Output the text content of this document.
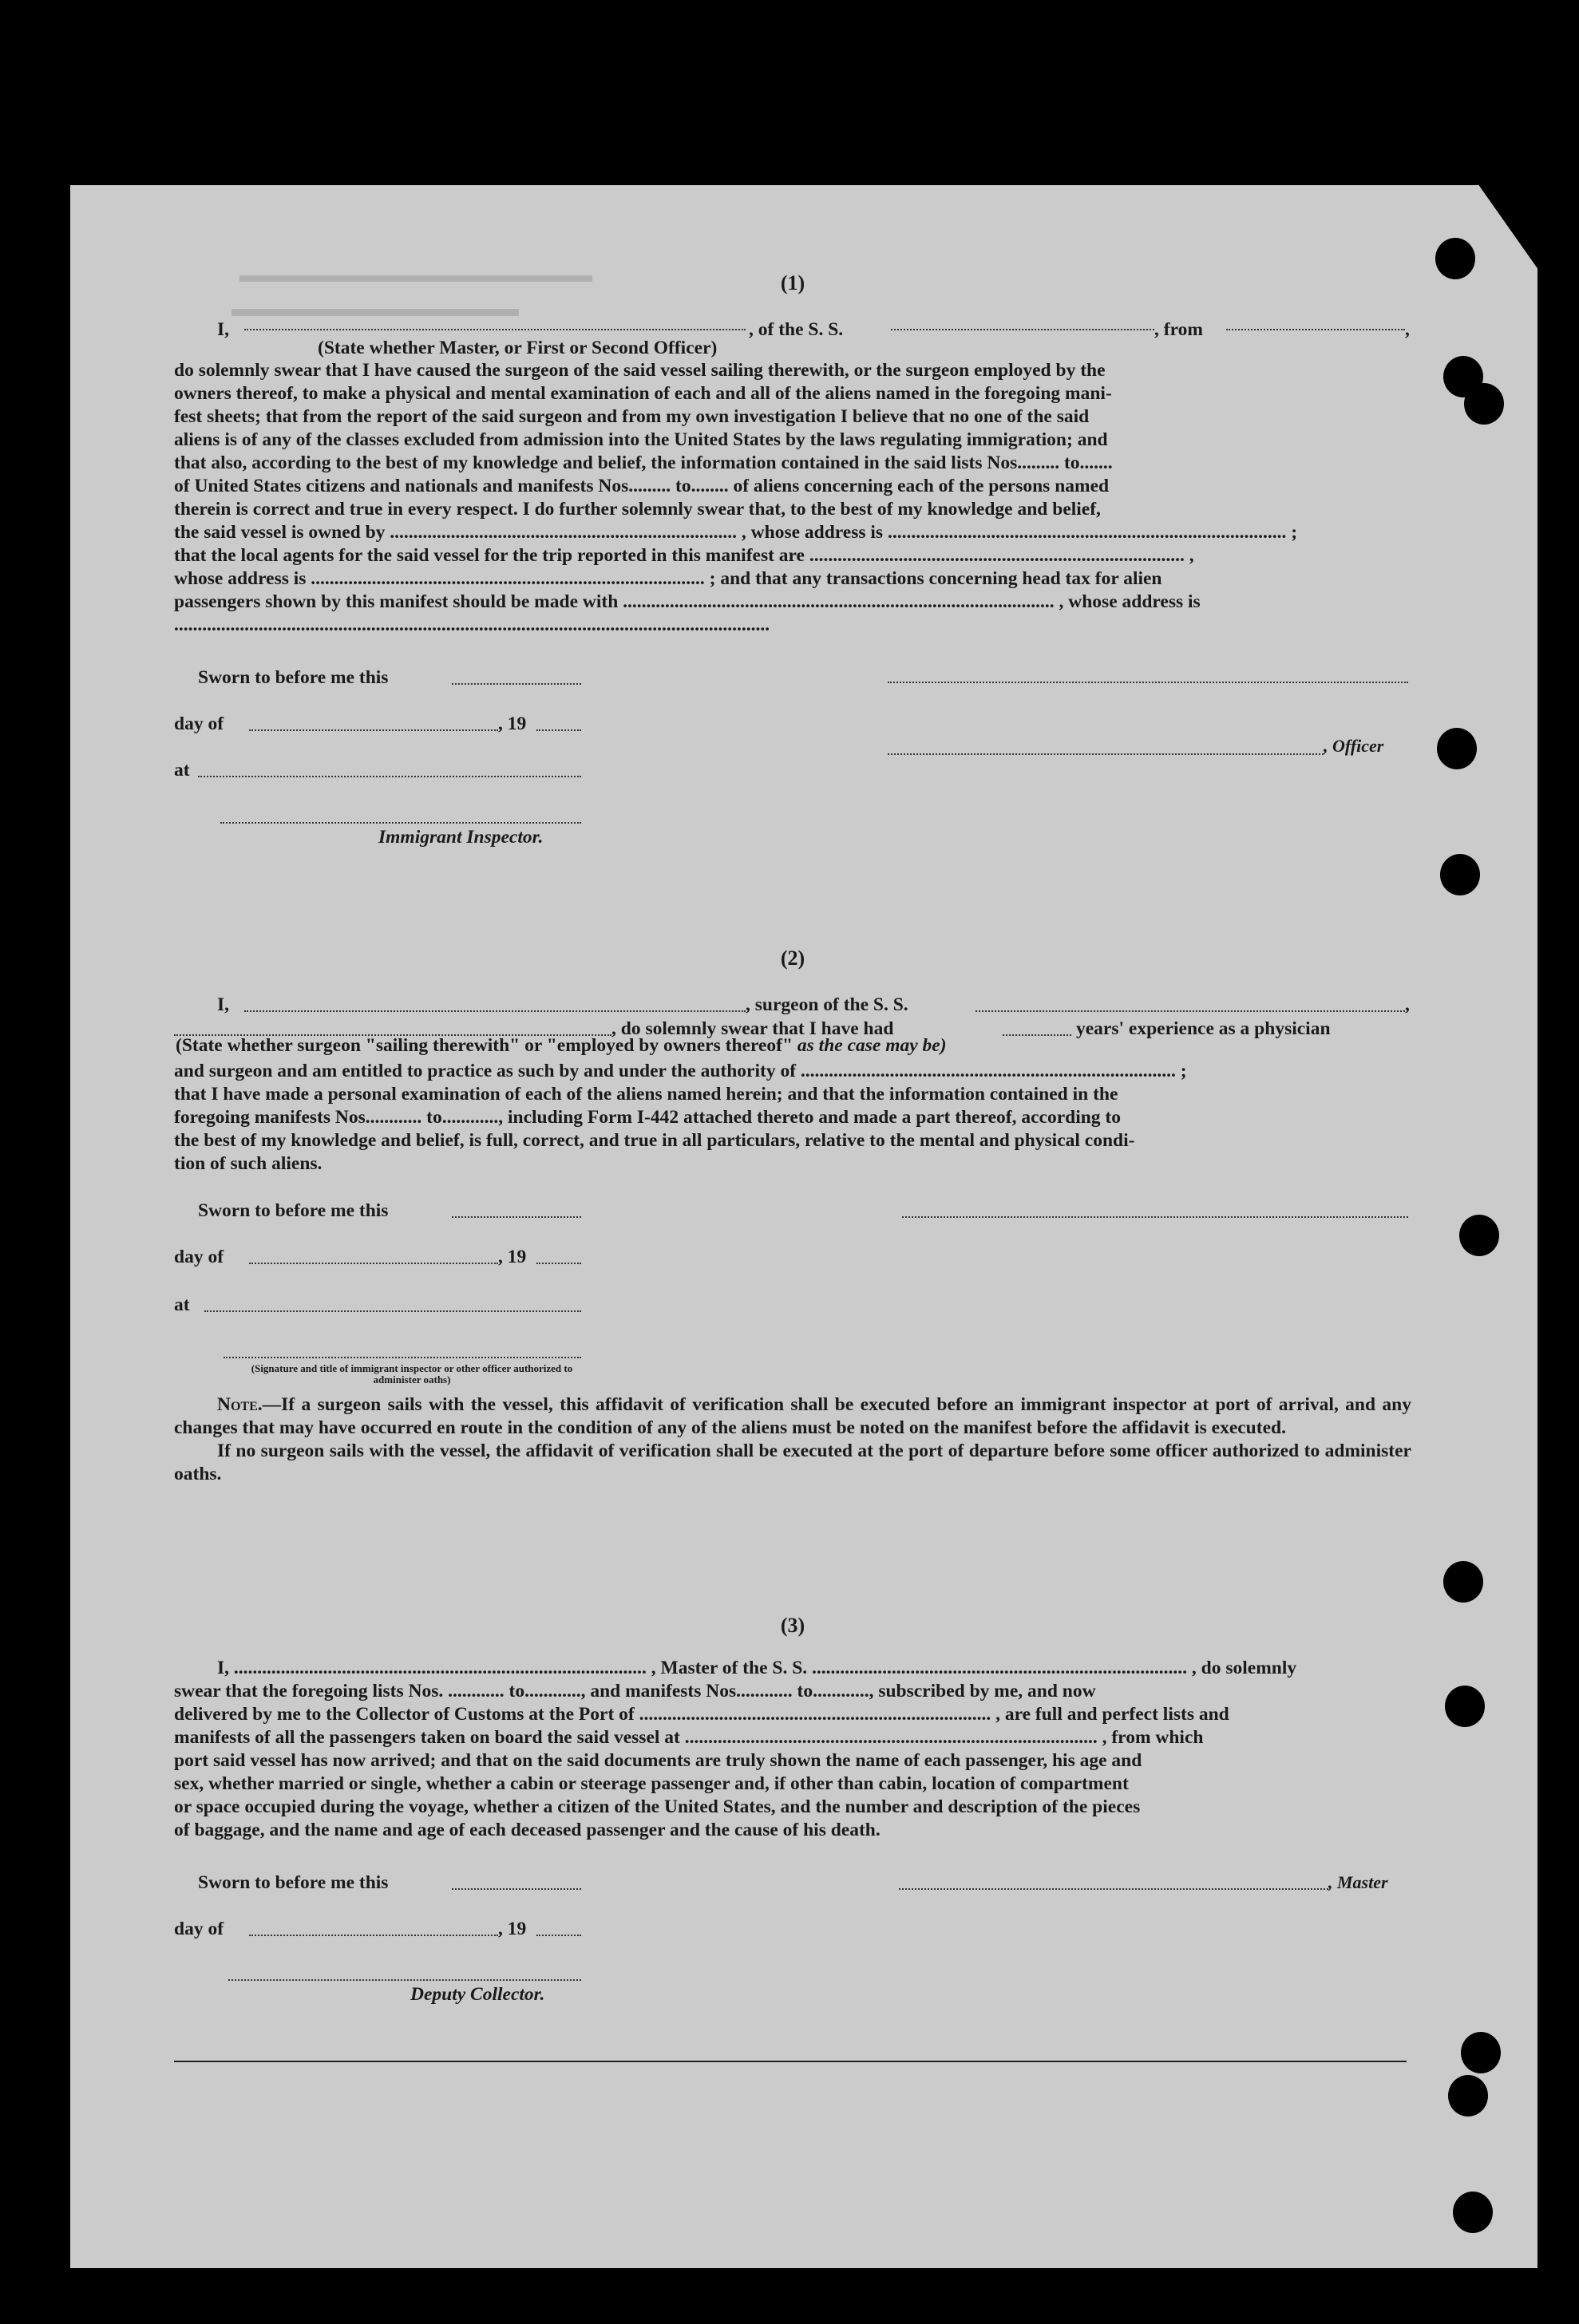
▬▬▬▬▬▬▬▬▬▬▬▬▬▬▬▬▬
▬▬▬▬▬▬▬▬▬▬▬▬
(1)
I,	, of the S. S.	, from	,
(State whether Master, or First or Second Officer)

do solemnly swear that I have caused the surgeon of the said vessel sailing therewith, or the surgeon employed by the

owners thereof, to make a physical and mental examination of each and all of the aliens named in the foregoing mani-

fest sheets; that from the report of the said surgeon and from my own investigation I believe that no one of the said

aliens is of any of the classes excluded from admission into the United States by the laws regulating immigration; and

that also, according to the best of my knowledge and belief, the information contained in the said lists Nos......... to.......

of United States citizens and nationals and manifests Nos......... to........ of aliens concerning each of the persons named

therein is correct and true in every respect. I do further solemnly swear that, to the best of my knowledge and belief,

the said vessel is owned by .......................................................................... , whose address is ..................................................................................... ;

that the local agents for the said vessel for the trip reported in this manifest are ................................................................................ ,

whose address is .................................................................................... ; and that any transactions concerning head tax for alien

passengers shown by this manifest should be made with ............................................................................................ , whose address is

...............................................................................................................................

Sworn to before me this
day of	, 19
, Officer
at
Immigrant Inspector.
(2)
I,	, surgeon of the S. S.	,
, do solemnly swear that I have had	years' experience as a physician
(State whether surgeon "sailing therewith" or "employed by owners thereof" as the case may be)

and surgeon and am entitled to practice as such by and under the authority of ................................................................................ ;

that I have made a personal examination of each of the aliens named herein; and that the information contained in the

foregoing manifests Nos............ to............, including Form I-442 attached thereto and made a part thereof, according to

the best of my knowledge and belief, is full, correct, and true in all particulars, relative to the mental and physical condi-

tion of such aliens.

Sworn to before me this
day of	, 19
at
(Signature and title of immigrant inspector or other officer authorized to administer oaths)

Note.—If a surgeon sails with the vessel, this affidavit of verification shall be executed before an immigrant inspector at port of arrival, and any changes that may have occurred en route in the condition of any of the aliens must be noted on the manifest before the affidavit is executed.

If no surgeon sails with the vessel, the affidavit of verification shall be executed at the port of departure before some officer authorized to administer oaths.

(3)

I, ........................................................................................ , Master of the S. S. ................................................................................ , do solemnly

swear that the foregoing lists Nos. ............ to............, and manifests Nos............ to............, subscribed by me, and now

delivered by me to the Collector of Customs at the Port of ........................................................................... , are full and perfect lists and

manifests of all the passengers taken on board the said vessel at ........................................................................................ , from which

port said vessel has now arrived; and that on the said documents are truly shown the name of each passenger, his age and

sex, whether married or single, whether a cabin or steerage passenger and, if other than cabin, location of compartment

or space occupied during the voyage, whether a citizen of the United States, and the number and description of the pieces

of baggage, and the name and age of each deceased passenger and the cause of his death.

Sworn to before me this	, Master
day of	, 19
Deputy Collector.
